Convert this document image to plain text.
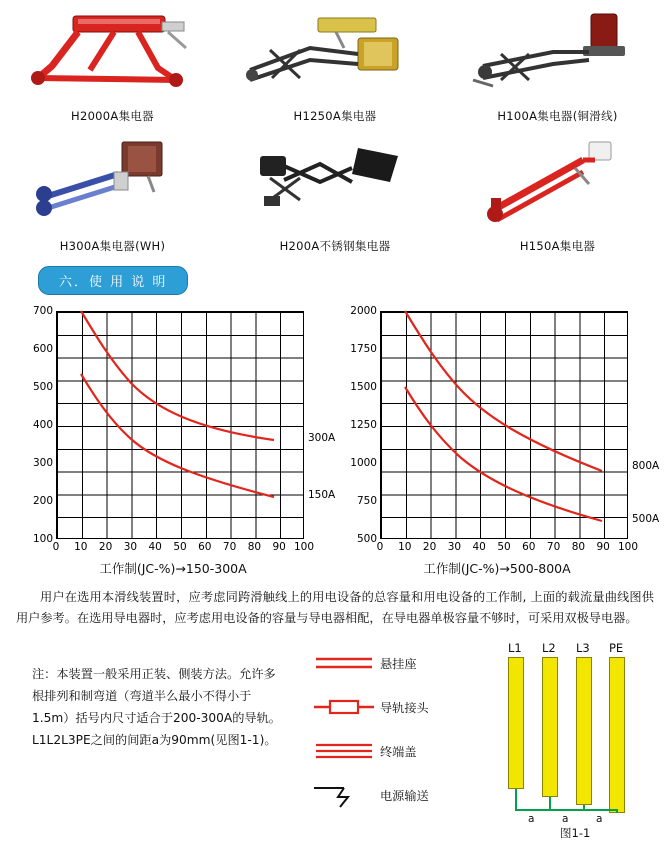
H2000A集电器	H1250A集电器	H100A集电器(铜滑线)
H300A集电器(WH)	H200A不锈钢集电器	H150A集电器
六．使 用 说 明
700
600
500
400
300
200
100
300A
150A
0 10 20 30 40 50 60 70 80 90 100
工作制(JC-%)→150-300A
2000
1750
1500
1250
1000
750
500
800A
500A
0 10 20 30 40 50 60 70 80 90 100
工作制(JC-%)→500-800A
用户在选用本滑线装置时，应考虑同跨滑触线上的用电设备的总容量和用电设备的工作制, 上面的载流量曲线图供用户参考。在选用导电器时，应考虑用电设备的容量与导电器相配，在导电器单极容量不够时，可采用双极导电器。
注：本装置一般采用正装、侧装方法。允许多根排列和制弯道（弯道半么最小不得小于1.5m）括号内尺寸适合于200-300A的导轨。L1L2L3PE之间的间距a为90mm(见图1-1)。
悬挂座
导轨接头
终端盖
电源输送
L1 L2 L3 PE
a	a	a
图1-1
